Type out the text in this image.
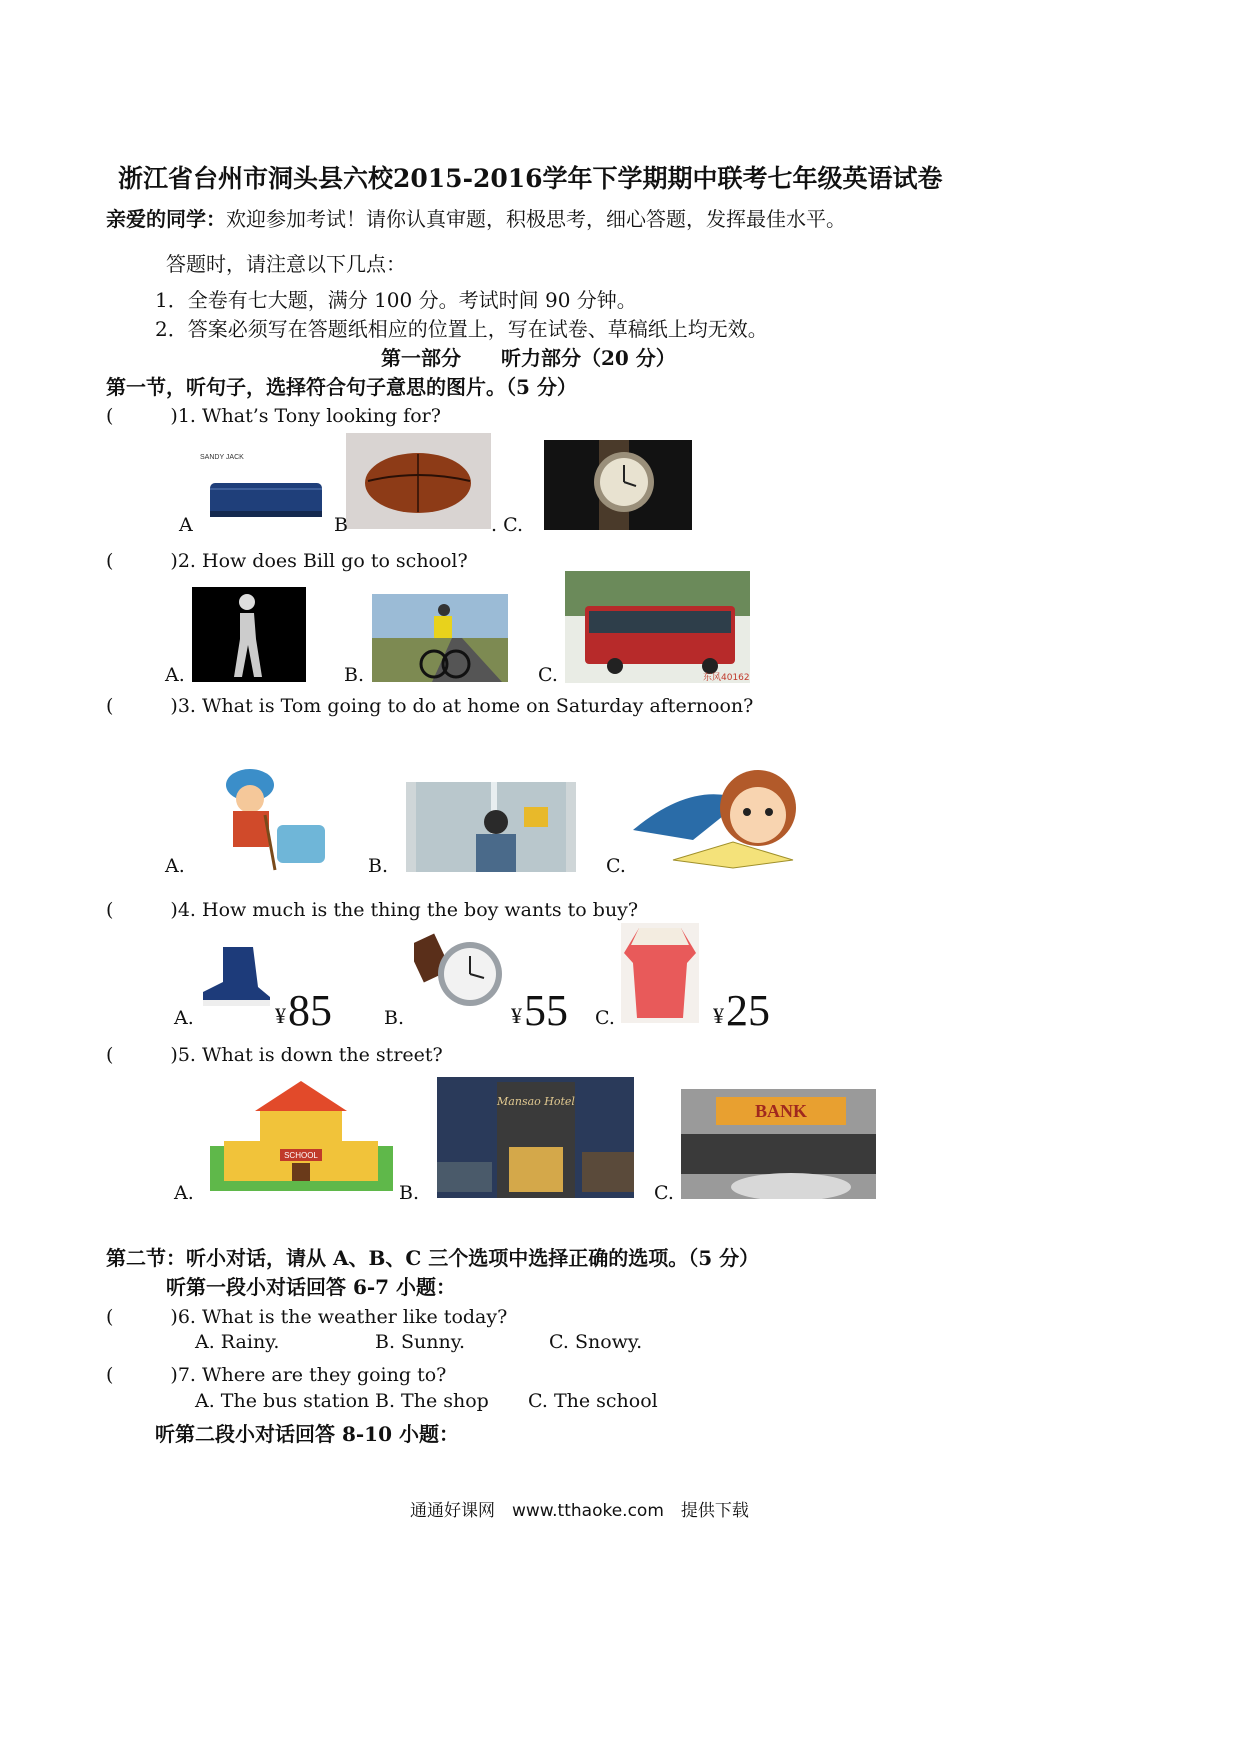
浙江省台州市洞头县六校2015-2016学年下学期期中联考七年级英语试卷
亲爱的同学：欢迎参加考试！请你认真审题，积极思考，细心答题，发挥最佳水平。
答题时，请注意以下几点：
1．全卷有七大题，满分 100 分。考试时间 90 分钟。
2．答案必须写在答题纸相应的位置上，写在试卷、草稿纸上均无效。
第一部分　　听力部分（20 分）
第一节，听句子，选择符合句子意思的图片。（5 分）
(　　　)1. What’s Tony looking for?
SANDY JACK
A	B	. C.
(　　　)2. How does Bill go to school?
A.	B.	C.	东风40162
(　　　)3. What is Tom going to do at home on Saturday afternoon?
A.	B.	C.
(　　　)4. How much is the thing the boy wants to buy?
A.	¥85	B.	¥55 C.	¥25
(　　　)5. What is down the street?
A.
SCHOOL
B.
Mansao Hotel
C.
BANK
第二节：听小对话，请从 A、B、C 三个选项中选择正确的选项。（5 分）
听第一段小对话回答 6-7 小题：
(　　　)6. What is the weather like today?
A. Rainy.	B. Sunny.	C. Snowy.
(　　　)7. Where are they going to?
A. The bus station B. The shop C. The school
听第二段小对话回答 8-10 小题：
通通好课网　www.tthaoke.com　提供下载
